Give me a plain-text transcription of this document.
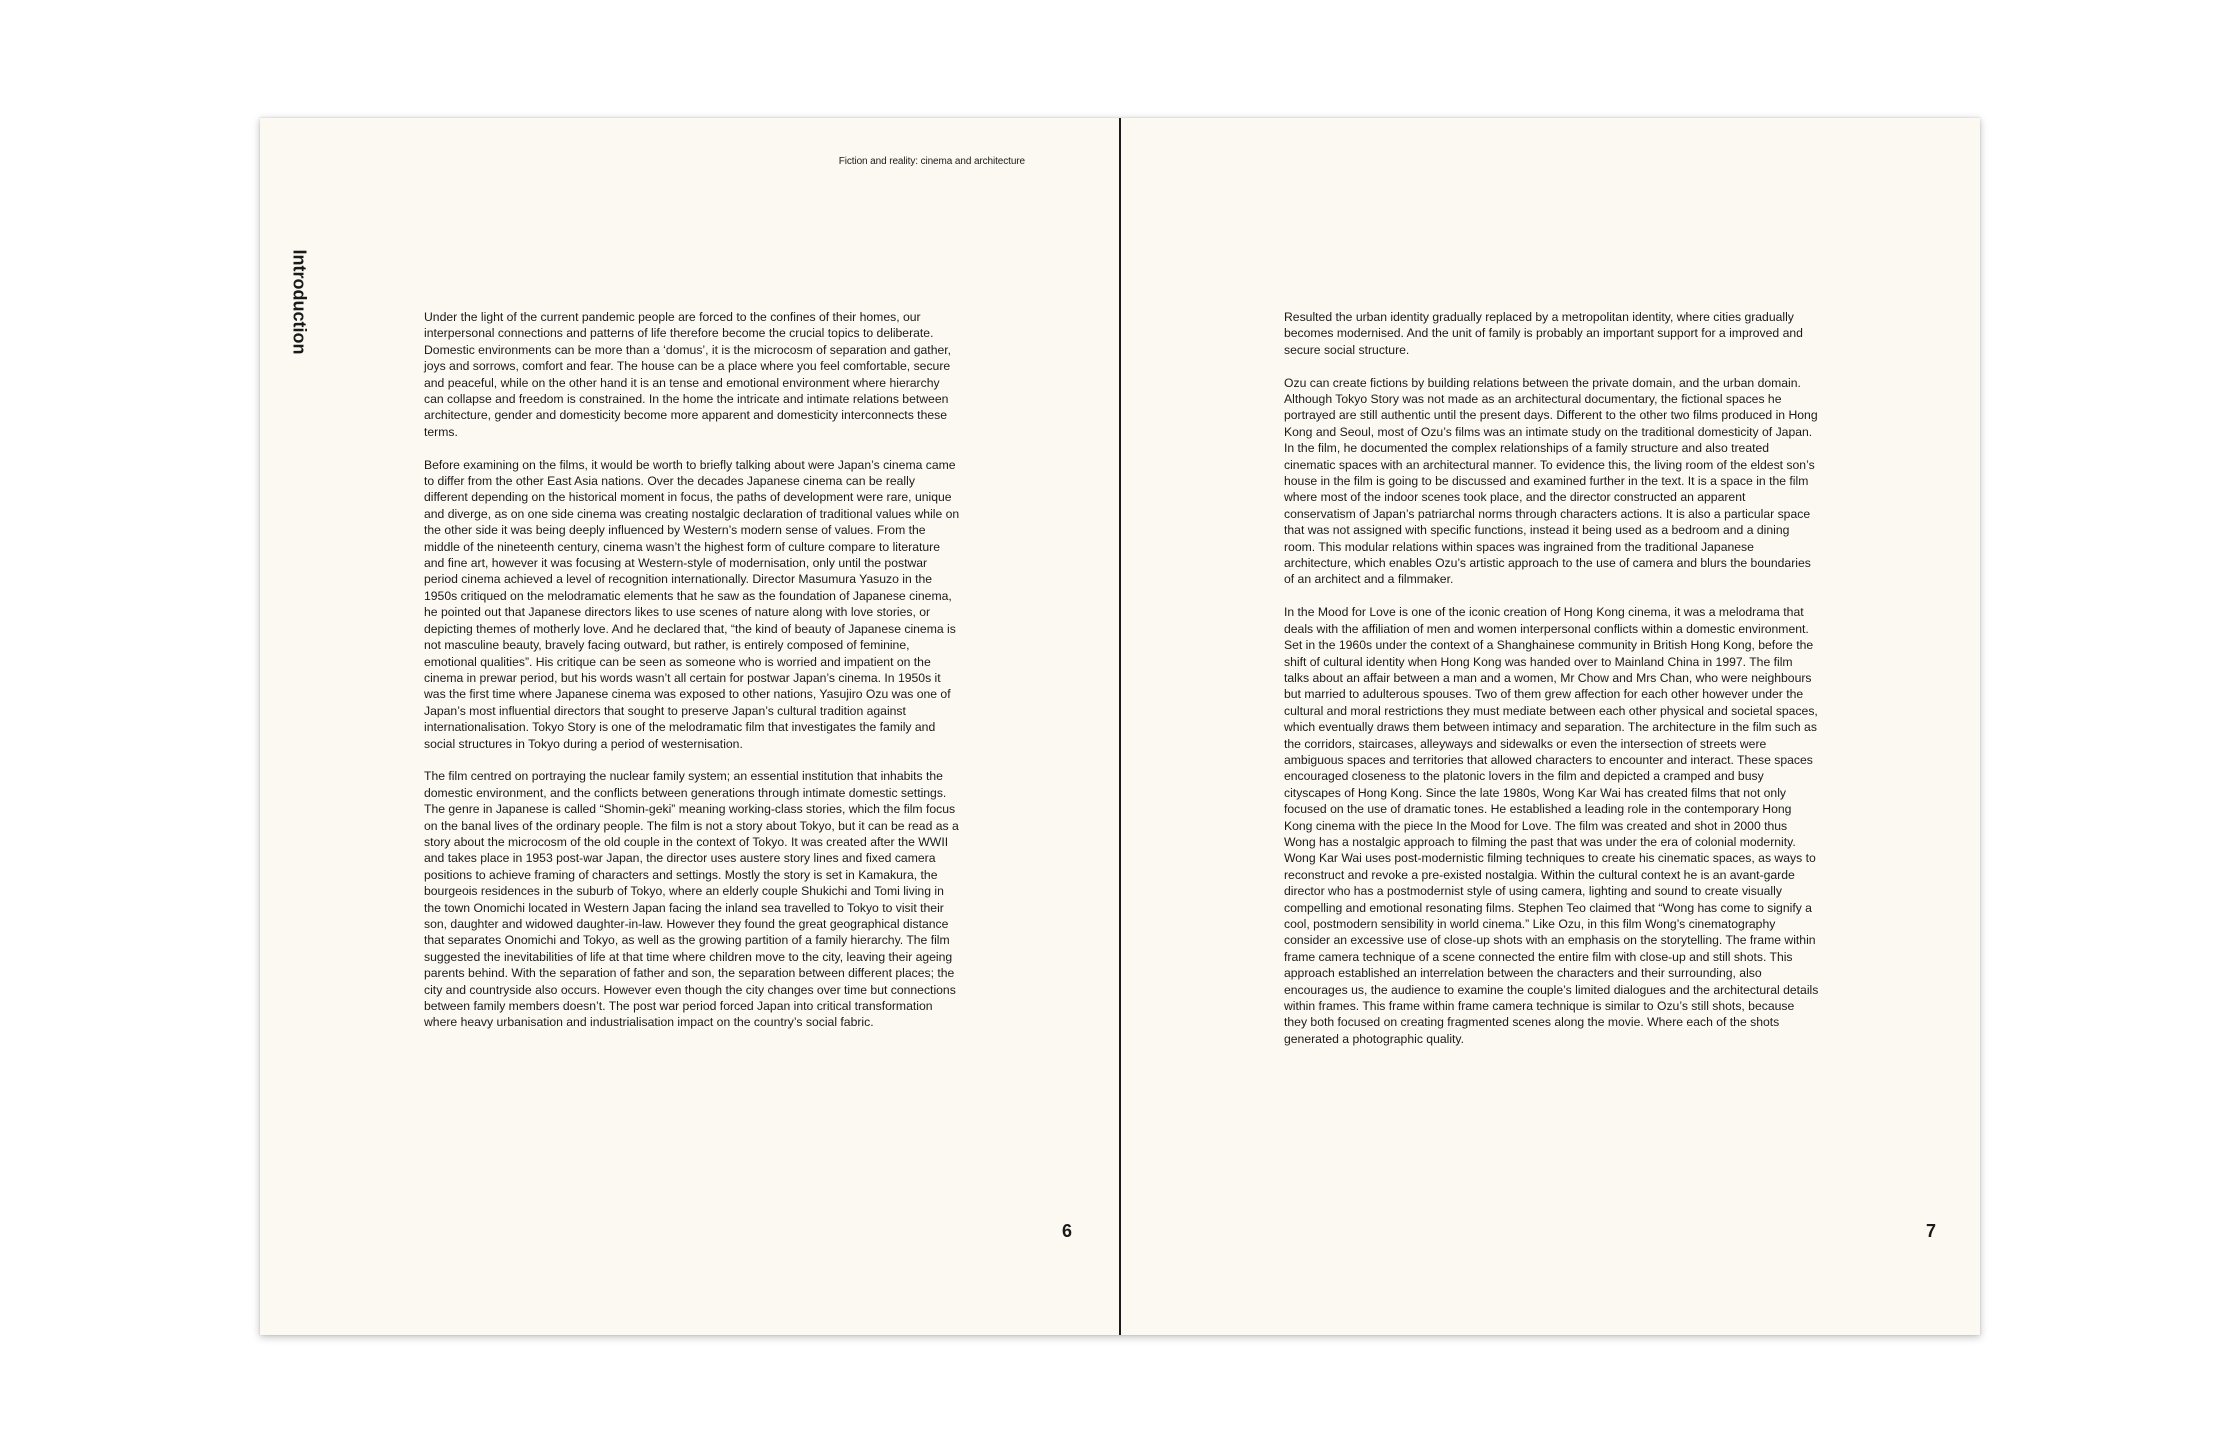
Fiction and reality: cinema and architecture
Introduction	Under the light of the current pandemic people are forced to the confines of their homes, our interpersonal connections and patterns of life therefore become the crucial topics to deliberate. Domestic environments can be more than a ‘domus’, it is the microcosm of separation and gather, joys and sorrows, comfort and fear. The house can be a place where you feel comfortable, secure and peaceful, while on the other hand it is an tense and emotional environment where hierarchy can collapse and freedom is constrained. In the home the intricate and intimate relations between architecture, gender and domesticity become more apparent and domesticity interconnects these terms.

Before examining on the films, it would be worth to briefly talking about were Japan’s cinema came to differ from the other East Asia nations. Over the decades Japanese cinema can be really different depending on the historical moment in focus, the paths of development were rare, unique and diverge, as on one side cinema was creating nostalgic declaration of traditional values while on the other side it was being deeply influenced by Western’s modern sense of values. From the middle of the nineteenth century, cinema wasn’t the highest form of culture compare to literature and fine art, however it was focusing at Western-style of modernisation, only until the postwar period cinema achieved a level of recognition internationally. Director Masumura Yasuzo in the 1950s critiqued on the melodramatic elements that he saw as the foundation of Japanese cinema, he pointed out that Japanese directors likes to use scenes of nature along with love stories, or depicting themes of motherly love. And he declared that, “the kind of beauty of Japanese cinema is not masculine beauty, bravely facing outward, but rather, is entirely composed of feminine, emotional qualities”. His critique can be seen as someone who is worried and impatient on the cinema in prewar period, but his words wasn’t all certain for postwar Japan’s cinema. In 1950s it was the first time where Japanese cinema was exposed to other nations, Yasujiro Ozu was one of Japan’s most influential directors that sought to preserve Japan’s cultural tradition against internationalisation. Tokyo Story is one of the melodramatic film that investigates the family and social structures in Tokyo during a period of westernisation.

The film centred on portraying the nuclear family system; an essential institution that inhabits the domestic environment, and the conflicts between generations through intimate domestic settings. The genre in Japanese is called “Shomin-geki” meaning working-class stories, which the film focus on the banal lives of the ordinary people. The film is not a story about Tokyo, but it can be read as a story about the microcosm of the old couple in the context of Tokyo. It was created after the WWII and takes place in 1953 post-war Japan, the director uses austere story lines and fixed camera positions to achieve framing of characters and settings. Mostly the story is set in Kamakura, the bourgeois residences in the suburb of Tokyo, where an elderly couple Shukichi and Tomi living in the town Onomichi located in Western Japan facing the inland sea travelled to Tokyo to visit their son, daughter and widowed daughter-in-law. However they found the great geographical distance that separates Onomichi and Tokyo, as well as the growing partition of a family hierarchy. The film suggested the inevitabilities of life at that time where children move to the city, leaving their ageing parents behind. With the separation of father and son, the separation between different places; the city and countryside also occurs. However even though the city changes over time but connections between family members doesn’t. The post war period forced Japan into critical transformation where heavy urbanisation and industrialisation impact on the country’s social fabric.

Resulted the urban identity gradually replaced by a metropolitan identity, where cities gradually becomes modernised. And the unit of family is probably an important support for a improved and secure social structure.

Ozu can create fictions by building relations between the private domain, and the urban domain. Although Tokyo Story was not made as an architectural documentary, the fictional spaces he portrayed are still authentic until the present days. Different to the other two films produced in Hong Kong and Seoul, most of Ozu’s films was an intimate study on the traditional domesticity of Japan. In the film, he documented the complex relationships of a family structure and also treated cinematic spaces with an architectural manner. To evidence this, the living room of the eldest son’s house in the film is going to be discussed and examined further in the text. It is a space in the film where most of the indoor scenes took place, and the director constructed an apparent conservatism of Japan’s patriarchal norms through characters actions. It is also a particular space that was not assigned with specific functions, instead it being used as a bedroom and a dining room. This modular relations within spaces was ingrained from the traditional Japanese architecture, which enables Ozu’s artistic approach to the use of camera and blurs the boundaries of an architect and a filmmaker.

In the Mood for Love is one of the iconic creation of Hong Kong cinema, it was a melodrama that deals with the affiliation of men and women interpersonal conflicts within a domestic environment. Set in the 1960s under the context of a Shanghainese community in British Hong Kong, before the shift of cultural identity when Hong Kong was handed over to Mainland China in 1997. The film talks about an affair between a man and a women, Mr Chow and Mrs Chan, who were neighbours but married to adulterous spouses. Two of them grew affection for each other however under the cultural and moral restrictions they must mediate between each other physical and societal spaces, which eventually draws them between intimacy and separation. The architecture in the film such as the corridors, staircases, alleyways and sidewalks or even the intersection of streets were ambiguous spaces and territories that allowed characters to encounter and interact. These spaces encouraged closeness to the platonic lovers in the film and depicted a cramped and busy cityscapes of Hong Kong. Since the late 1980s, Wong Kar Wai has created films that not only focused on the use of dramatic tones. He established a leading role in the contemporary Hong Kong cinema with the piece In the Mood for Love. The film was created and shot in 2000 thus Wong has a nostalgic approach to filming the past that was under the era of colonial modernity. Wong Kar Wai uses post-modernistic filming techniques to create his cinematic spaces, as ways to reconstruct and revoke a pre-existed nostalgia. Within the cultural context he is an avant-garde director who has a postmodernist style of using camera, lighting and sound to create visually compelling and emotional resonating films. Stephen Teo claimed that “Wong has come to signify a cool, postmodern sensibility in world cinema.” Like Ozu, in this film Wong’s cinematography consider an excessive use of close-up shots with an emphasis on the storytelling. The frame within frame camera technique of a scene connected the entire film with close-up and still shots. This approach established an interrelation between the characters and their surrounding, also encourages us, the audience to examine the couple’s limited dialogues and the architectural details within frames. This frame within frame camera technique is similar to Ozu’s still shots, because they both focused on creating fragmented scenes along the movie. Where each of the shots generated a photographic quality.

6	7
